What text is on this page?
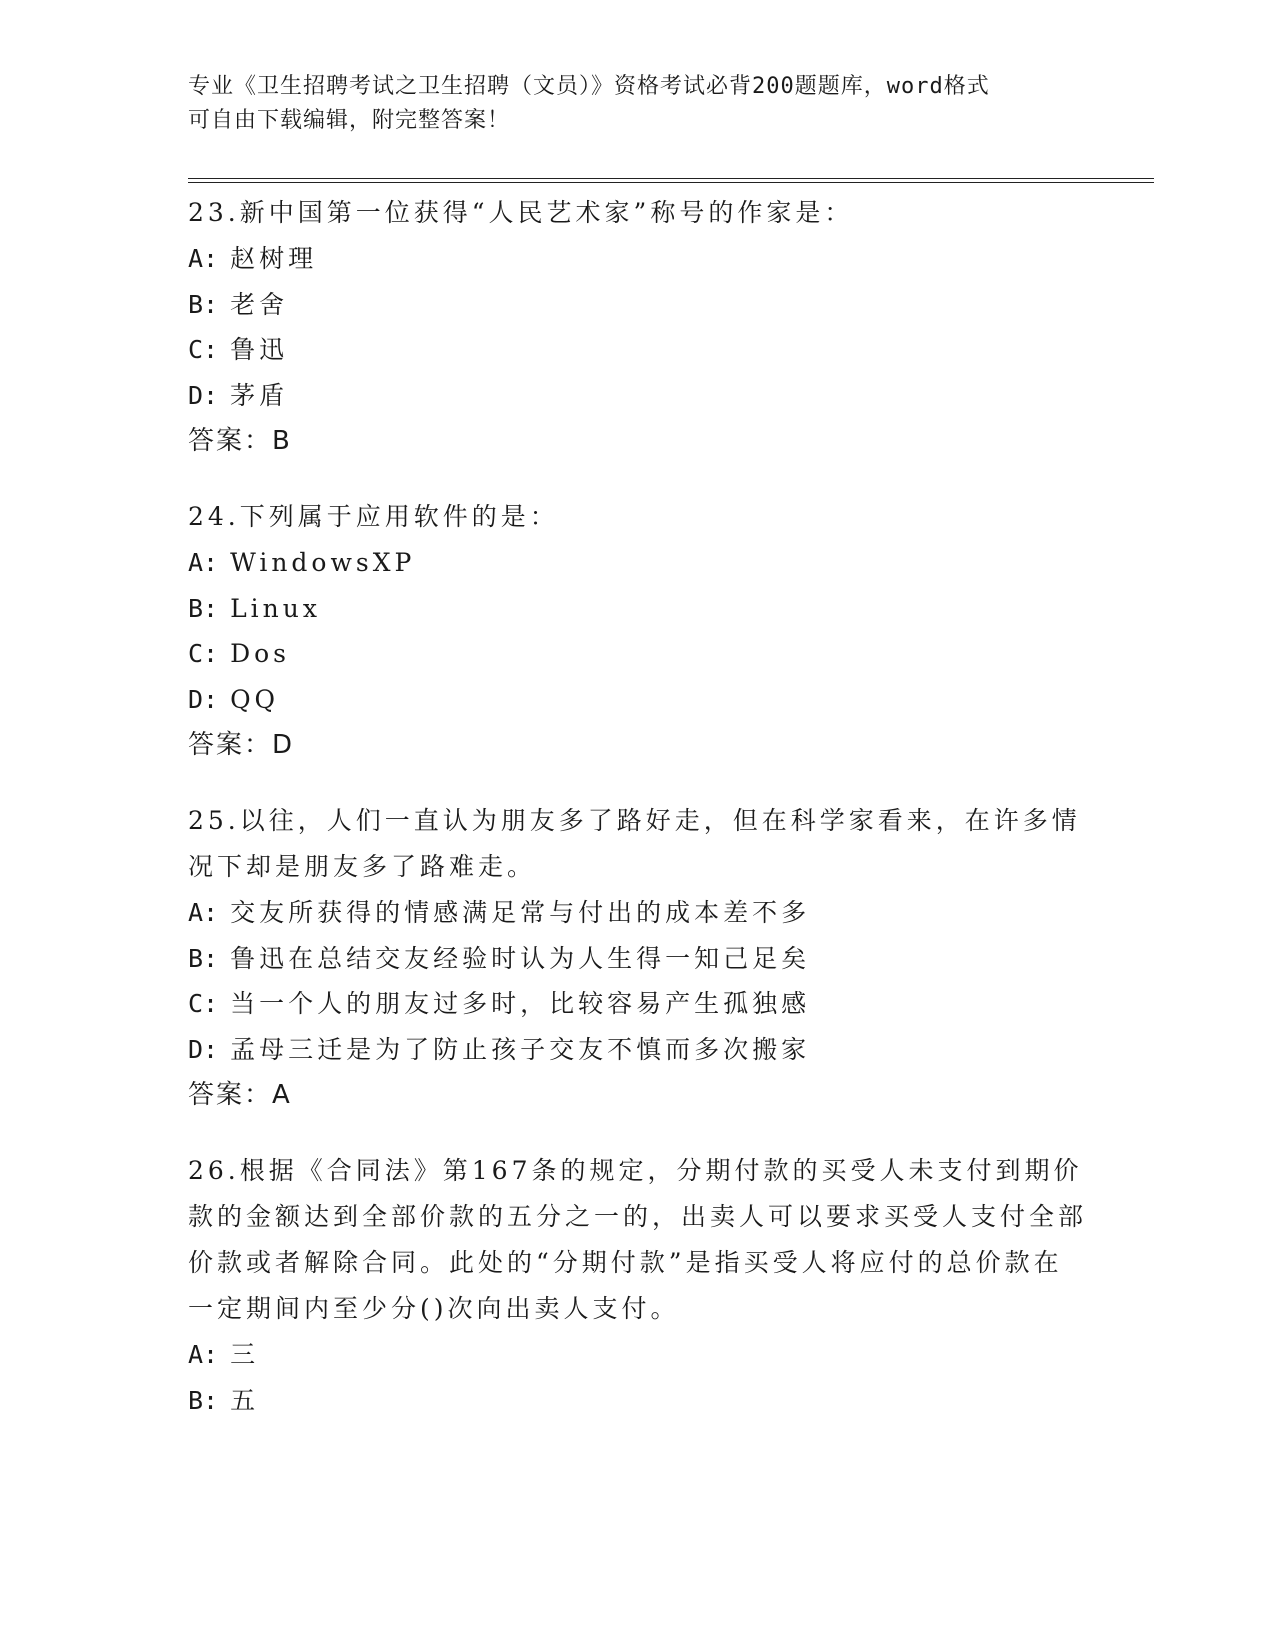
专业《卫生招聘考试之卫生招聘（文员）》资格考试必背200题题库，word格式
可自由下载编辑，附完整答案！

23.新中国第一位获得“人民艺术家”称号的作家是：

A: 赵树理

B: 老舍

C: 鲁迅

D: 茅盾

答案：B

24.下列属于应用软件的是：

A: WindowsXP

B: Linux

C: Dos

D: QQ

答案：D

25.以往，人们一直认为朋友多了路好走，但在科学家看来，在许多情况下却是朋友多了路难走。

A: 交友所获得的情感满足常与付出的成本差不多

B: 鲁迅在总结交友经验时认为人生得一知己足矣

C: 当一个人的朋友过多时，比较容易产生孤独感

D: 孟母三迁是为了防止孩子交友不慎而多次搬家

答案：A

26.根据《合同法》第167条的规定，分期付款的买受人未支付到期价款的金额达到全部价款的五分之一的，出卖人可以要求买受人支付全部价款或者解除合同。此处的“分期付款”是指买受人将应付的总价款在一定期间内至少分()次向出卖人支付。

A: 三

B: 五
